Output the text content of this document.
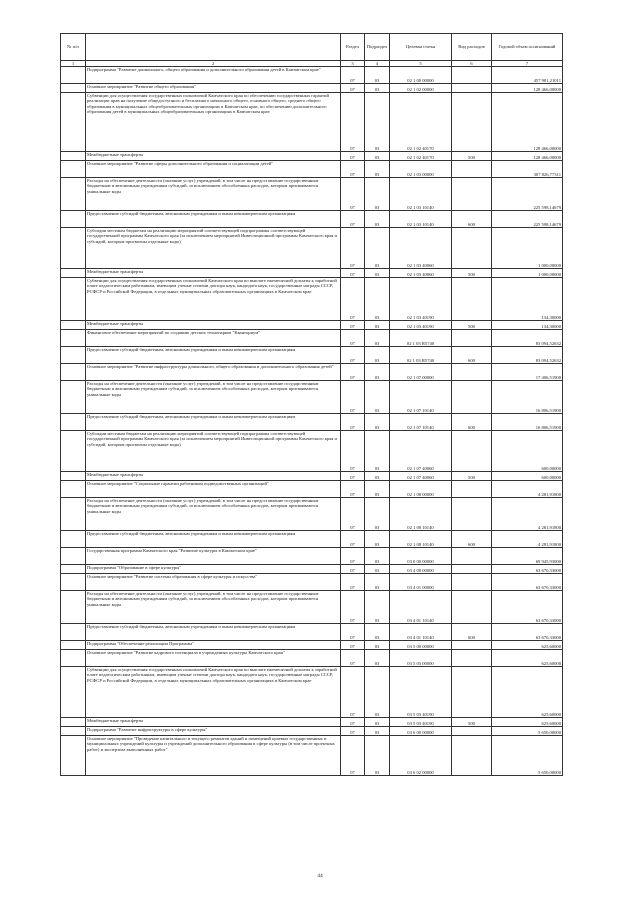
№ п/п		Раздел	Подраздел	Целевая статья	Вид расходов	Годовой объем ассигнований
1	2	3	4	5	6	7
	Подпрограмма "Развитие дошкольного, общего образования и дополнительного образования детей в Камчатском крае"	07	03	02 1 00 00000		457 981,21011
	Основное мероприятие "Развитие общего образования"	07	03	02 1 02 00000		128 466,00000
	Субвенции для осуществления государственных полномочий Камчатского края по обеспечению государственных гарантий реализации прав на получение общедоступного и бесплатного начального общего, основного общего, среднего общего образования в муниципальных общеобразовательных организациях в Камчатском крае, по обеспечению дополнительного образования детей в муниципальных общеобразовательных организациях в Камчатском крае	07	03	02 1 02 40170		128 466,00000
	Межбюджетные трансферты	07	03	02 1 02 40170	500	128 466,00000
	Основное мероприятие "Развитие сферы дополнительного образования и социализации детей"	07	03	02 1 03 00000		307 826,77311
	Расходы на обеспечение деятельности (оказание услуг) учреждений, в том числе на предоставление государственным бюджетным и автономным учреждениям субсидий, за исключением обособленных расходов, которым присваиваются уникальные коды	07	03	02 1 03 10140		225 598,14679
	Предоставление субсидий бюджетным, автономным учреждениям и иным некоммерческим организациям	07	03	02 1 03 10140	600	225 598,14679
	Субсидии местным бюджетам на реализацию мероприятий соответствующей подпрограммы соответствующей государственной программы Камчатского края (за исключением мероприятий Инвестиционной программы Камчатского края и субсидий, которым присвоены отдельные коды)	07	03	02 1 03 40060		1 000,00000
	Межбюджетные трансферты	07	03	02 1 03 40060	500	1 000,00000
	Субвенции для осуществления государственных полномочий Камчатского края по выплате ежемесячной доплаты к заработной плате педагогическим работникам, имеющим ученые степени доктора наук, кандидата наук, государственные награды СССР, РСФСР и Российской Федерации, в отдельных муниципальных образовательных организациях в Камчатском крае	07	03	02 1 03 40190		134,30000
	Межбюджетные трансферты	07	03	02 1 03 40190	500	134,30000
	Финансовое обеспечение мероприятий по созданию детских технопарков "Кванториум"	07	03	02 1 03 R5740		83 094,52632
	Предоставление субсидий бюджетным, автономным учреждениям и иным некоммерческим организациям	07	03	02 1 03 R5740	600	83 094,52632
	Основное мероприятие "Развитие инфраструктуры дошкольного, общего образования и дополнительного образования детей"	07	03	02 1 07 00000		17 406,51900
	Расходы на обеспечение деятельности (оказание услуг) учреждений, в том числе на предоставление государственным бюджетным и автономным учреждениям субсидий, за исключением обособленных расходов, которым присваиваются уникальные коды	07	03	02 1 07 10140		16 806,51900
	Предоставление субсидий бюджетным, автономным учреждениям и иным некоммерческим организациям	07	03	02 1 07 10140	600	16 806,51900
	Субсидии местным бюджетам на реализацию мероприятий соответствующей подпрограммы соответствующей государственной программы Камчатского края (за исключением мероприятий Инвестиционной программы Камчатского края и субсидий, которым присвоены отдельные коды)	07	03	02 1 07 40060		600,00000
	Межбюджетные трансферты	07	03	02 1 07 40060	500	600,00000
	Основное мероприятие "Социальные гарантии работникам подведомственных организаций"	07	03	02 1 08 00000		4 281,91800
	Расходы на обеспечение деятельности (оказание услуг) учреждений, в том числе на предоставление государственным бюджетным и автономным учреждениям субсидий, за исключением обособленных расходов, которым присваиваются уникальные коды	07	03	02 1 08 10140		4 281,91800
	Предоставление субсидий бюджетным, автономным учреждениям и иным некоммерческим организациям	07	03	02 1 08 10140	600	4 281,91800
	Государственная программа Камчатского края "Развитие культуры в Камчатском крае"	07	03	03 0 00 00000		69 945,93000
	Подпрограмма "Образование в сфере культуры"	07	03	03 4 00 00000		63 670,33000
	Основное мероприятие "Развитие системы образования в сфере культуры и искусства"	07	03	03 4 01 00000		63 670,33000
	Расходы на обеспечение деятельности (оказание услуг) учреждений, в том числе на предоставление государственным бюджетным и автономным учреждениям субсидий, за исключением обособленных расходов, которым присваиваются уникальные коды	07	03	03 4 01 10140		63 670,33000
	Предоставление субсидий бюджетным, автономным учреждениям и иным некоммерческим организациям	07	03	03 4 01 10140	600	63 670,33000
	Подпрограмма "Обеспечение реализации Программы"	07	03	03 5 00 00000		625,60000
	Основное мероприятие "Развитие кадрового потенциала в учреждениях культуры Камчатского края"	07	03	03 5 03 00000		625,60000
	Субвенции для осуществления государственных полномочий Камчатского края по выплате ежемесячной доплаты к заработной плате педагогическим работникам, имеющим ученые степени доктора наук, кандидата наук, государственные награды СССР, РСФСР и Российской Федерации, в отдельных муниципальных образовательных организациях в Камчатском крае	07	03	03 5 03 40190		625,60000
	Межбюджетные трансферты	07	03	03 5 03 40190	500	625,60000
	Подпрограмма "Развитие инфраструктуры в сфере культуры"	07	03	03 6 00 00000		5 650,00000
	Основное мероприятие "Проведение капитального и текущего ремонтов зданий и помещений краевых государственных и муниципальных учреждений культуры и учреждений дополнительного образования в сфере культуры (в том числе проектных работ) и экспертиза выполненных работ"	07	03	03 6 02 00000		5 650,00000
44
